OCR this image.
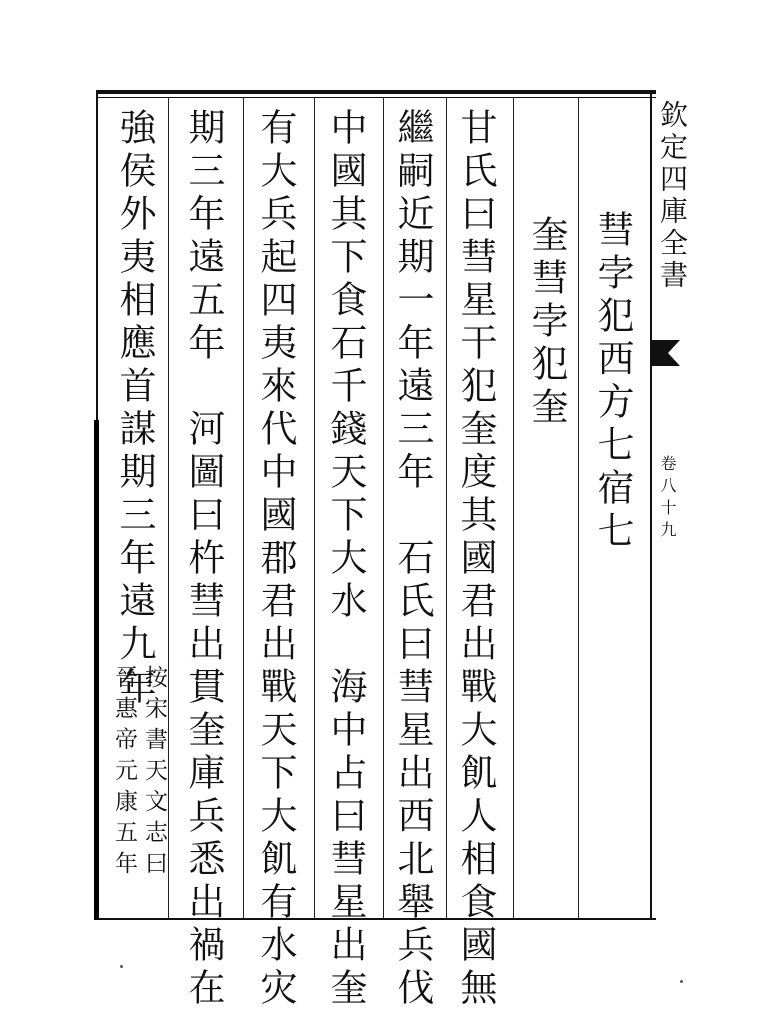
欽定四庫全書
卷八十九
彗孛犯西方七宿七
奎彗孛犯奎
甘氏曰彗星干犯奎度其國君出戰大飢人相食國無
繼嗣近期一年遠三年　石氏曰彗星出西北舉兵伐
中國其下食石千錢天下大水　海中占曰彗星出奎
有大兵起四夷來代中國郡君出戰天下大飢有水灾
期三年遠五年　河圖曰杵彗出貫奎庫兵悉出禍在
強侯外夷相應首謀期三年遠九年
按宋書天文志曰
晉惠帝元康五年
